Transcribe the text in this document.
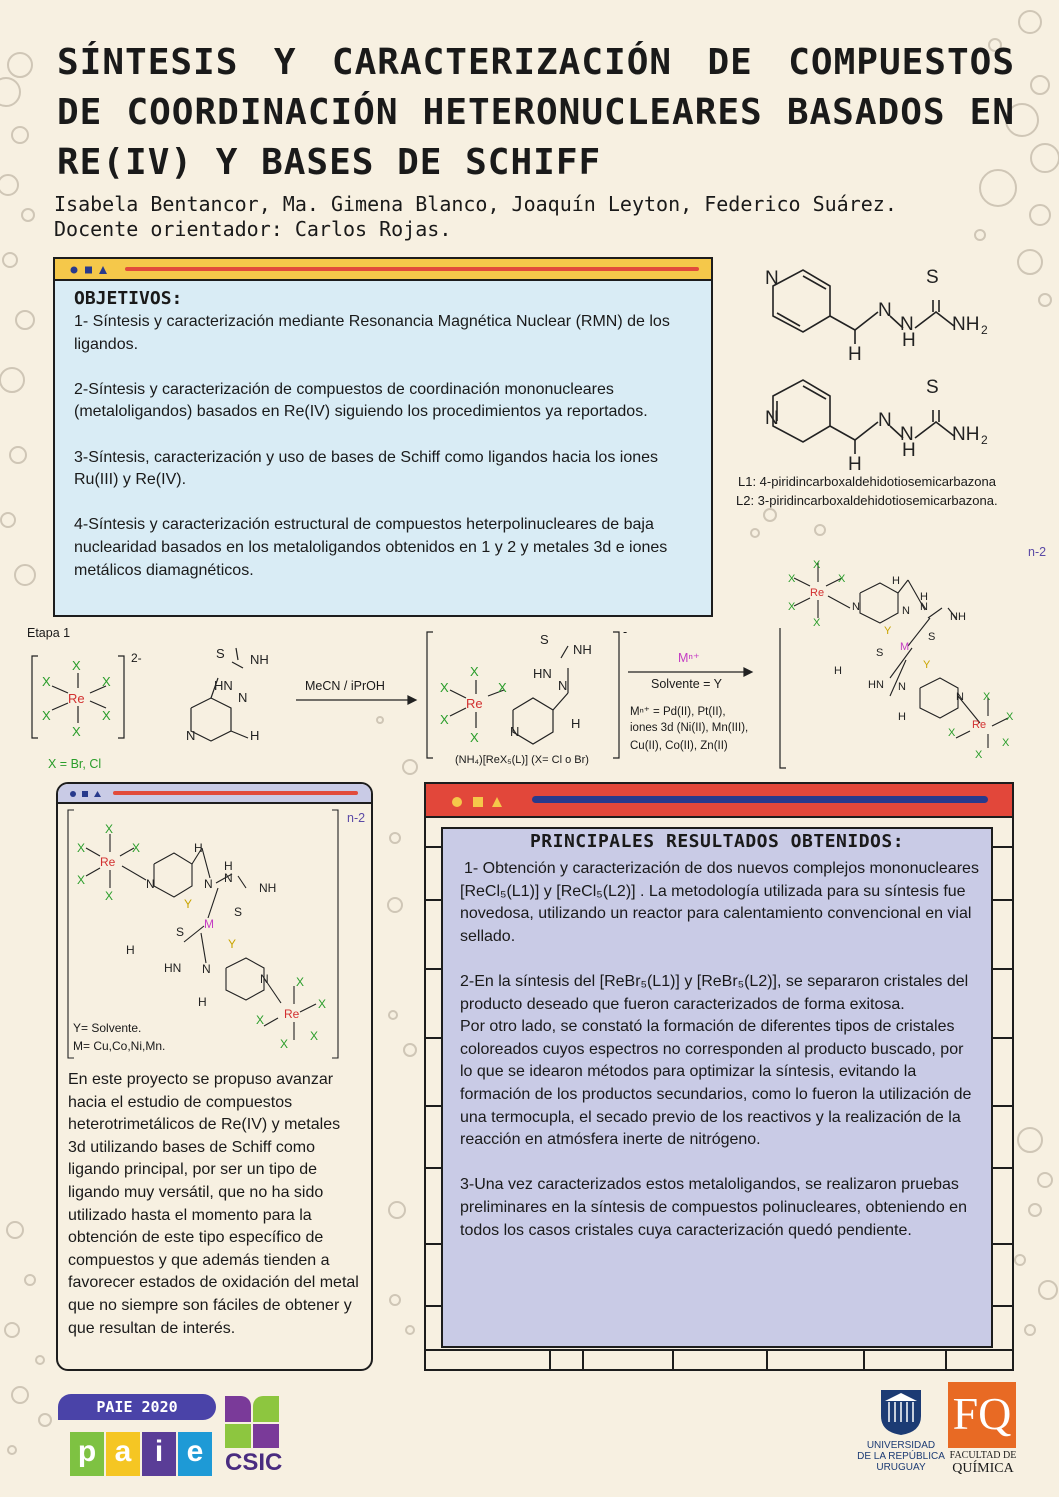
SÍNTESIS Y CARACTERIZACIÓN DE COMPUESTOS DE COORDINACIÓN HETERONUCLEARES BASADOS EN RE(IV) Y BASES DE SCHIFF
Isabela Bentancor, Ma. Gimena Blanco, Joaquín Leyton, Federico Suárez.
Docente orientador: Carlos Rojas.
OBJETIVOS:

1- Síntesis y caracterización mediante Resonancia Magnética Nuclear (RMN) de los ligandos.

2-Síntesis y caracterización de compuestos de coordinación mononucleares (metaloligandos) basados en Re(IV) siguiendo los procedimientos ya reportados.

3-Síntesis, caracterización y uso de bases de Schiff como ligandos hacia los iones Ru(III) y Re(IV).

4-Síntesis y caracterización estructural de compuestos heterpolinucleares de baja nuclearidad basados en los metaloligandos obtenidos en 1 y 2 y metales 3d e iones metálicos diamagnéticos.

N
N
N
H
S
NH
H
N	N
N
H
S
NH
H
2
2
L1: 4-piridincarboxaldehidotiosemicarbazona
L2: 3-piridincarboxaldehidotiosemicarbazona.
Etapa 1
X
X
X	X
X	X
X
X
X	X
X
Re	Re
S NH
HN
N
N	H
S
NH
HN
N
N
H
2-
-
n-2
X = Br, Cl
MeCN / iPrOH
Mⁿ⁺
Solvente = Y
Mⁿ⁺ = Pd(II), Pt(II),
iones 3d (Ni(II), Mn(III),
Cu(II), Co(II), Zn(II)
(NH₄)[ReX₅(L)] (X= Cl o Br)
X
X
X	X
X
X
X
X
X
X
Re
Re
M
Y
Y
N
H
N
H
N
S
NH
H
S
HN N
H
N
X
X
X	X
X
X
X
X
X
X
Re
Re
M
Y
Y
N
H
N
H
N
S
NH
H
S
HN N
H
N
n-2
Y= Solvente.
M= Cu,Co,Ni,Mn.

En este proyecto se propuso avanzar hacia el estudio de compuestos heterotrimetálicos de Re(IV) y metales 3d utilizando bases de Schiff como ligando principal, por ser un tipo de ligando muy versátil, que no ha sido utilizado hasta el momento para la obtención de este tipo específico de compuestos y que además tienden a favorecer estados de oxidación del metal que no siempre son fáciles de obtener y que resultan de interés.

PRINCIPALES RESULTADOS OBTENIDOS:

1- Obtención y caracterización de dos nuevos complejos mononucleares [ReCl₅(L1)] y [ReCl₅(L2)] . La metodología utilizada para su síntesis fue novedosa, utilizando un reactor para calentamiento convencional en vial sellado.

2-En la síntesis del [ReBr₅(L1)] y [ReBr₅(L2)], se separaron cristales del producto deseado que fueron caracterizados de forma exitosa.

Por otro lado, se constató la formación de diferentes tipos de cristales coloreados cuyos espectros no corresponden al producto buscado, por lo que se idearon métodos para optimizar la síntesis, evitando la formación de los productos secundarios, como lo fueron la utilización de una termocupla, el secado previo de los reactivos y la realización de la reacción en atmósfera inerte de nitrógeno.

3-Una vez caracterizados estos metaloligandos, se realizaron pruebas preliminares en la síntesis de compuestos polinucleares, obteniendo en todos los casos cristales cuya caracterización quedó pendiente.

PAIE 2020
p a i e CSIC
UNIVERSIDAD
DE LA REPÚBLICA
URUGUAY
FQ
FACULTAD DE
QUÍMICA
